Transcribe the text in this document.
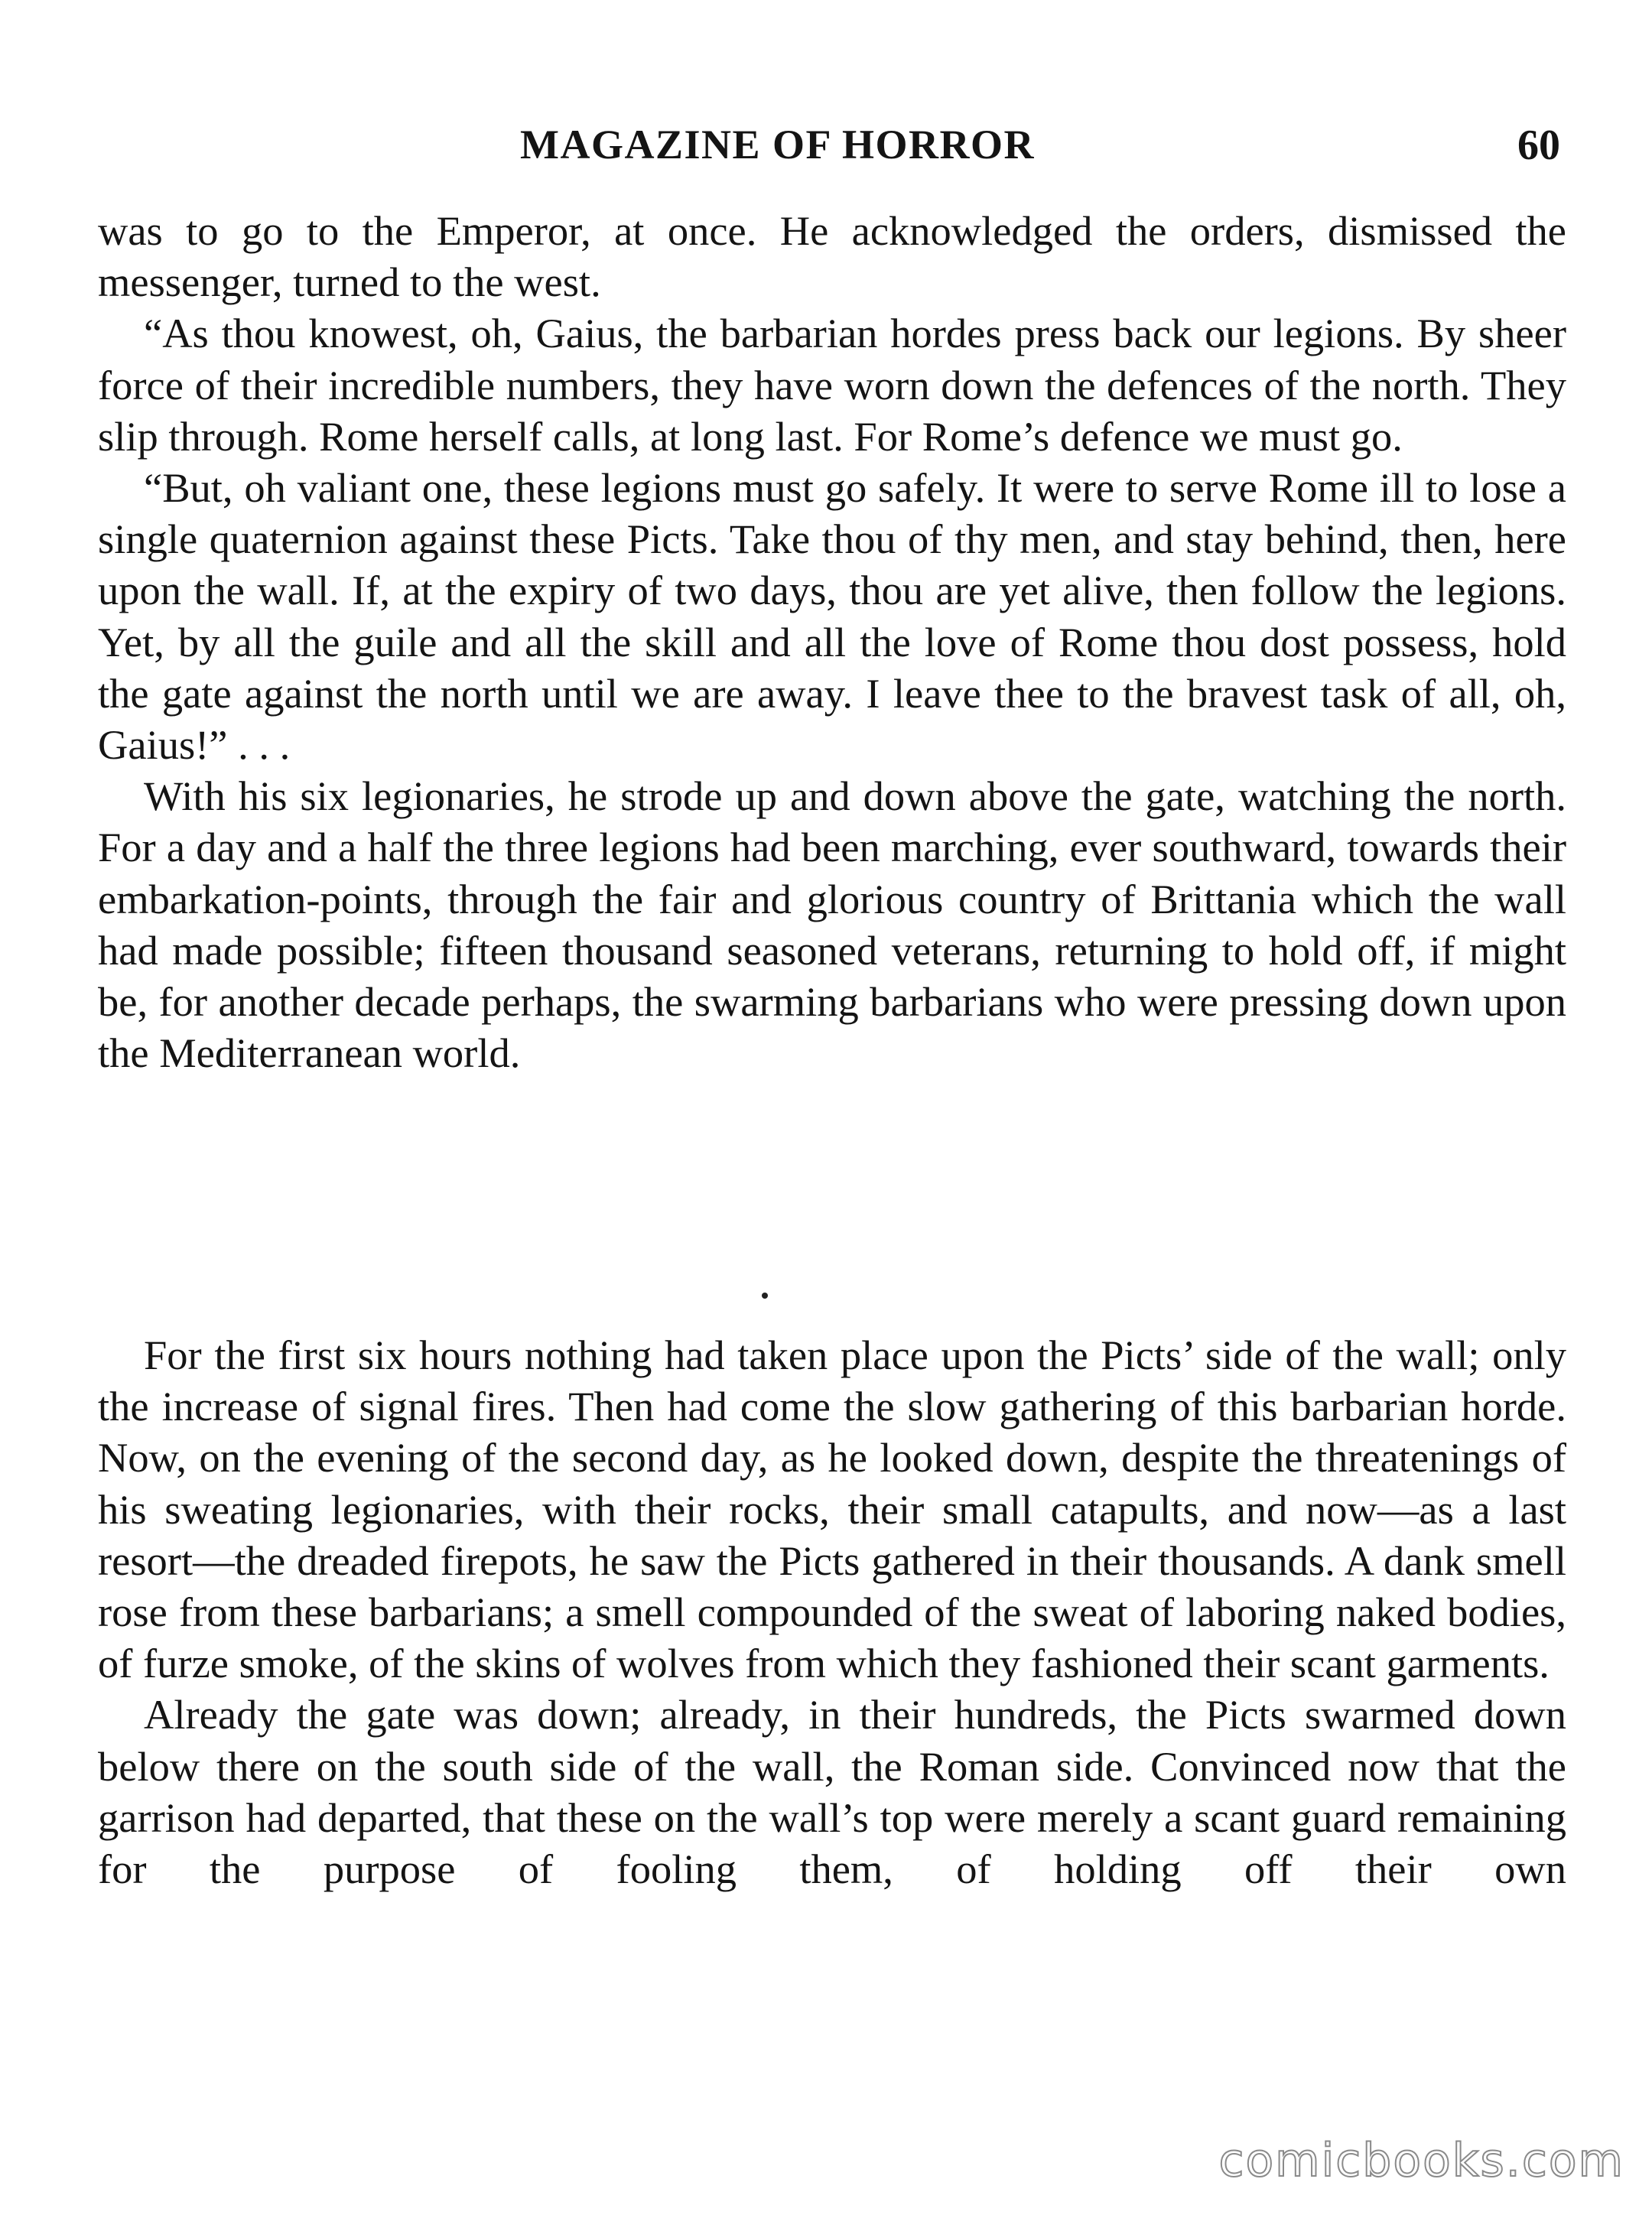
MAGAZINE OF HORROR	60

was to go to the Emperor, at once. He acknowledged the orders, dismissed the messenger, turned to the west.

“As thou knowest, oh, Gaius, the barbarian hordes press back our legions. By sheer force of their incredible numbers, they have worn down the defences of the north. They slip through. Rome herself calls, at long last. For Rome’s defence we must go.

“But, oh valiant one, these legions must go safely. It were to serve Rome ill to lose a single quaternion against these Picts. Take thou of thy men, and stay behind, then, here upon the wall. If, at the expiry of two days, thou are yet alive, then follow the legions. Yet, by all the guile and all the skill and all the love of Rome thou dost possess, hold the gate against the north until we are away. I leave thee to the bravest task of all, oh, Gaius!” . . .

With his six legionaries, he strode up and down above the gate, watching the north. For a day and a half the three legions had been marching, ever southward, towards their embarkation-points, through the fair and glorious country of Brittania which the wall had made possible; fifteen thousand seasoned veterans, returning to hold off, if might be, for another decade perhaps, the swarming barbarians who were pressing down upon the Mediterranean world.

For the first six hours nothing had taken place upon the Picts’ side of the wall; only the increase of signal fires. Then had come the slow gathering of this barbarian horde. Now, on the evening of the second day, as he looked down, despite the threatenings of his sweating legionaries, with their rocks, their small catapults, and now—as a last resort—the dreaded firepots, he saw the Picts gathered in their thousands. A dank smell rose from these barbarians; a smell compounded of the sweat of laboring naked bodies, of furze smoke, of the skins of wolves from which they fashioned their scant garments.

Already the gate was down; already, in their hundreds, the Picts swarmed down below there on the south side of the wall, the Roman side. Convinced now that the garrison had departed, that these on the wall’s top were merely a scant guard remaining for the purpose of fooling them, of holding off their own

comicbooks.com
